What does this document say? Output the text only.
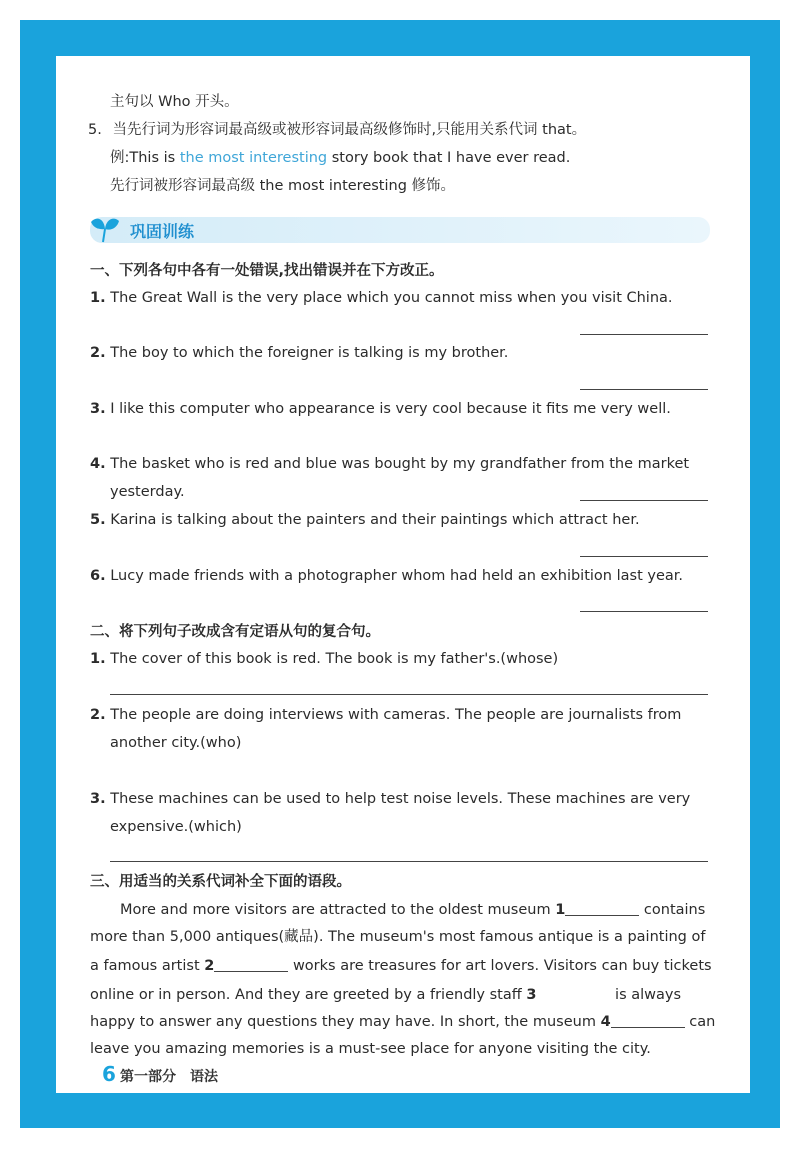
主句以 Who 开头。
5. 当先行词为形容词最高级或被形容词最高级修饰时,只能用关系代词 that。
例:This is the most interesting story book that I have ever read.
先行词被形容词最高级 the most interesting 修饰。
巩固训练
一、下列各句中各有一处错误,找出错误并在下方改正。
1. The Great Wall is the very place which you cannot miss when you visit China.
2. The boy to which the foreigner is talking is my brother.
3. I like this computer who appearance is very cool because it fits me very well.
4. The basket who is red and blue was bought by my grandfather from the market
yesterday.
5. Karina is talking about the painters and their paintings which attract her.
6. Lucy made friends with a photographer whom had held an exhibition last year.
二、将下列句子改成含有定语从句的复合句。
1. The cover of this book is red. The book is my father's.(whose)
2. The people are doing interviews with cameras. The people are journalists from
another city.(who)
3. These machines can be used to help test noise levels. These machines are very
expensive.(which)
三、用适当的关系代词补全下面的语段。
More and more visitors are attracted to the oldest museum 1	contains
more than 5,000 antiques(藏品). The museum's most famous antique is a painting of
a famous artist 2	works are treasures for art lovers. Visitors can buy tickets
online or in person. And they are greeted by a friendly staff 3	is always
happy to answer any questions they may have. In short, the museum 4	can
leave you amazing memories is a must-see place for anyone visiting the city.
6 第一部分　语法
